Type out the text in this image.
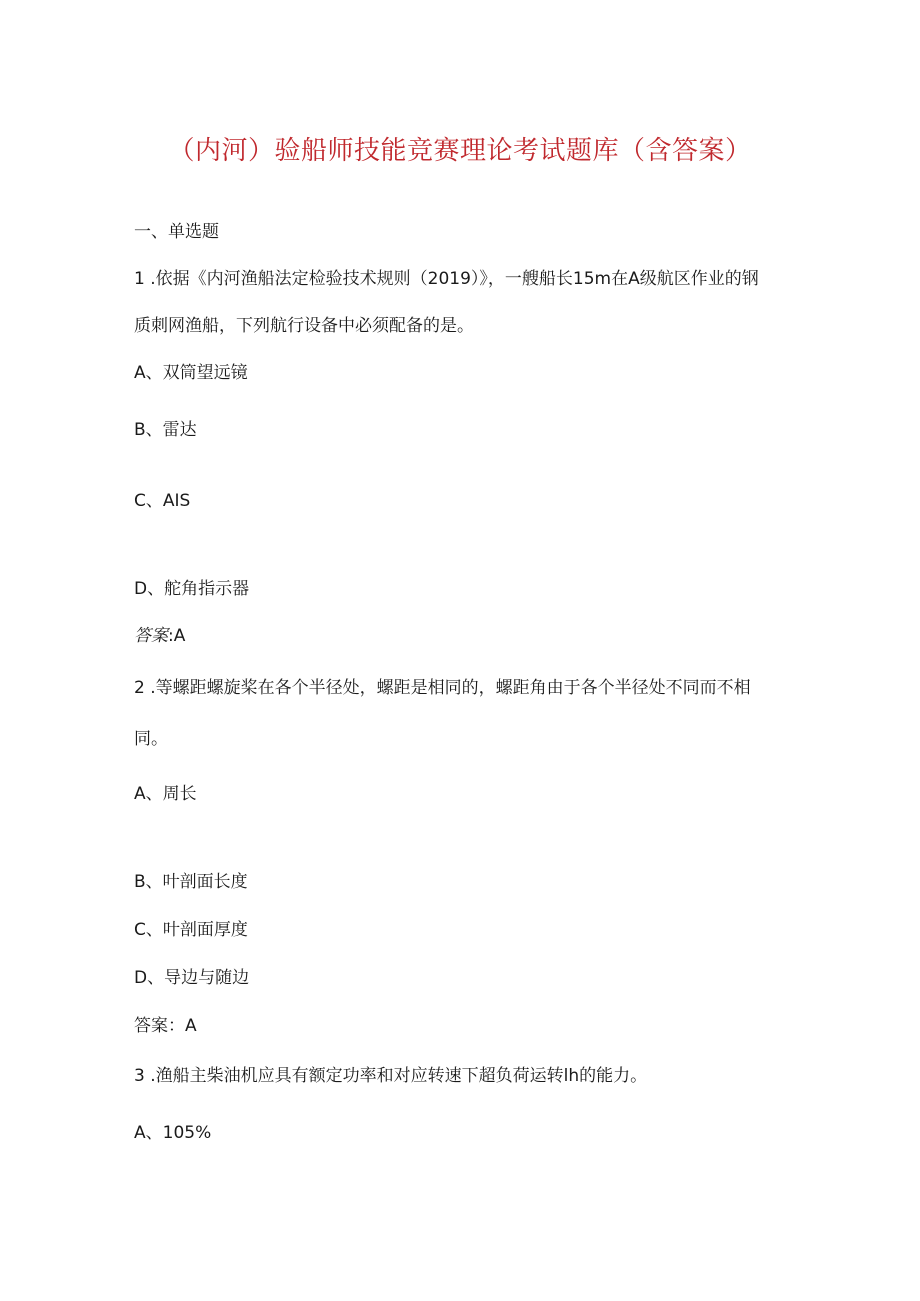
（内河）验船师技能竞赛理论考试题库（含答案）
一、单选题
1 .依据《内河渔船法定检验技术规则（2019）》，一艘船长15m在A级航区作业的钢
质刺网渔船，下列航行设备中必须配备的是。
A、双筒望远镜
B、雷达
C、AIS
D、舵角指示器
答案:A
2 .等螺距螺旋桨在各个半径处，螺距是相同的，螺距角由于各个半径处不同而不相
同。
A、周长
B、叶剖面长度
C、叶剖面厚度
D、导边与随边
答案：A
3 .渔船主柴油机应具有额定功率和对应转速下超负荷运转lh的能力。
A、105%
